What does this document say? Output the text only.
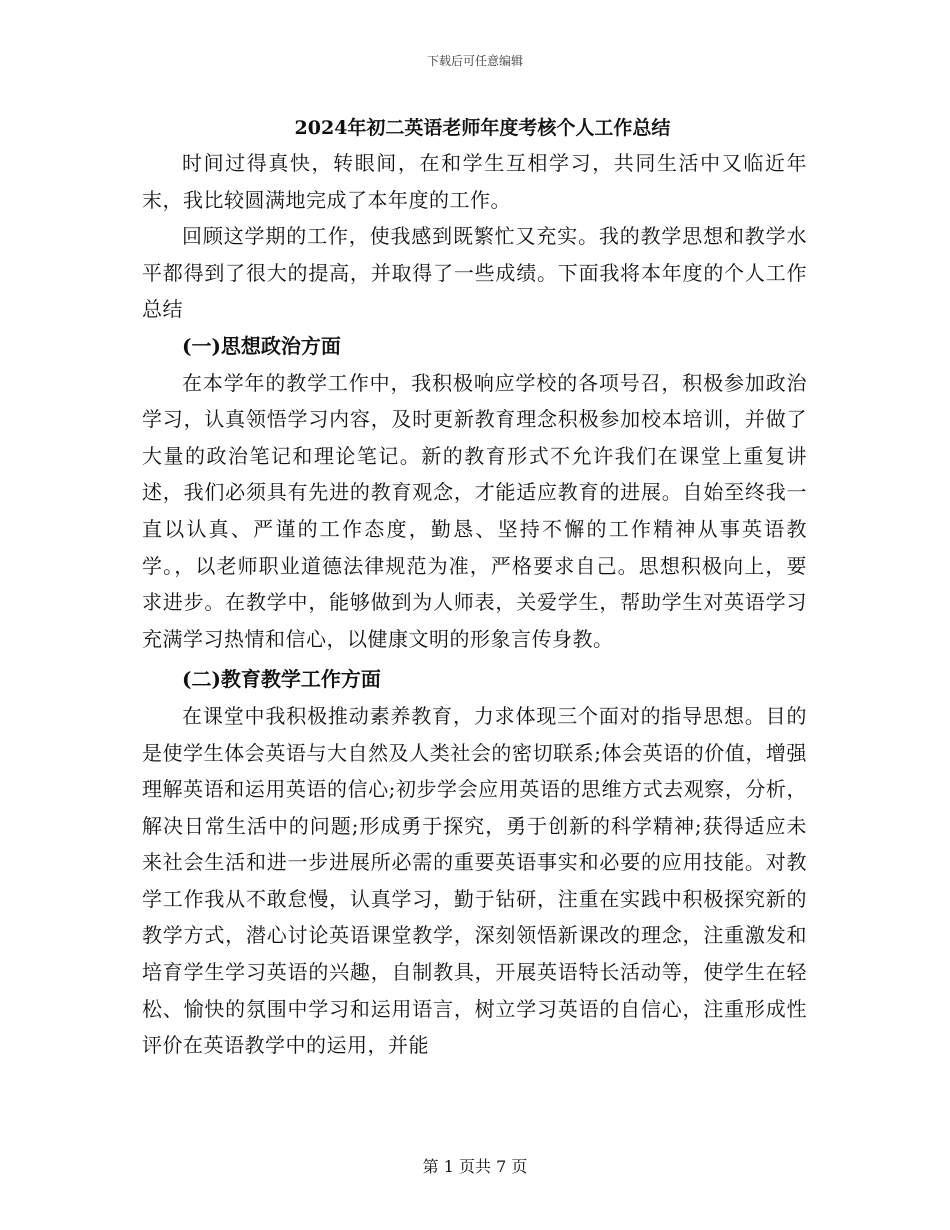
下载后可任意编辑
2024年初二英语老师年度考核个人工作总结

时间过得真快，转眼间，在和学生互相学习，共同生活中又临近年末，我比较圆满地完成了本年度的工作。

回顾这学期的工作，使我感到既繁忙又充实。我的教学思想和教学水平都得到了很大的提高，并取得了一些成绩。下面我将本年度的个人工作总结

(一)思想政治方面

在本学年的教学工作中，我积极响应学校的各项号召，积极参加政治学习，认真领悟学习内容，及时更新教育理念积极参加校本培训，并做了大量的政治笔记和理论笔记。新的教育形式不允许我们在课堂上重复讲述，我们必须具有先进的教育观念，才能适应教育的进展。自始至终我一直以认真、严谨的工作态度，勤恳、坚持不懈的工作精神从事英语教学。，以老师职业道德法律规范为准，严格要求自己。思想积极向上，要求进步。在教学中，能够做到为人师表，关爱学生，帮助学生对英语学习充满学习热情和信心，以健康文明的形象言传身教。

(二)教育教学工作方面

在课堂中我积极推动素养教育，力求体现三个面对的指导思想。目的是使学生体会英语与大自然及人类社会的密切联系;体会英语的价值，增强理解英语和运用英语的信心;初步学会应用英语的思维方式去观察，分析，解决日常生活中的问题;形成勇于探究，勇于创新的科学精神;获得适应未来社会生活和进一步进展所必需的重要英语事实和必要的应用技能。对教学工作我从不敢怠慢，认真学习，勤于钻研，注重在实践中积极探究新的教学方式，潜心讨论英语课堂教学，深刻领悟新课改的理念，注重激发和培育学生学习英语的兴趣，自制教具，开展英语特长活动等，使学生在轻松、愉快的氛围中学习和运用语言，树立学习英语的自信心，注重形成性评价在英语教学中的运用，并能

第 1 页共 7 页
